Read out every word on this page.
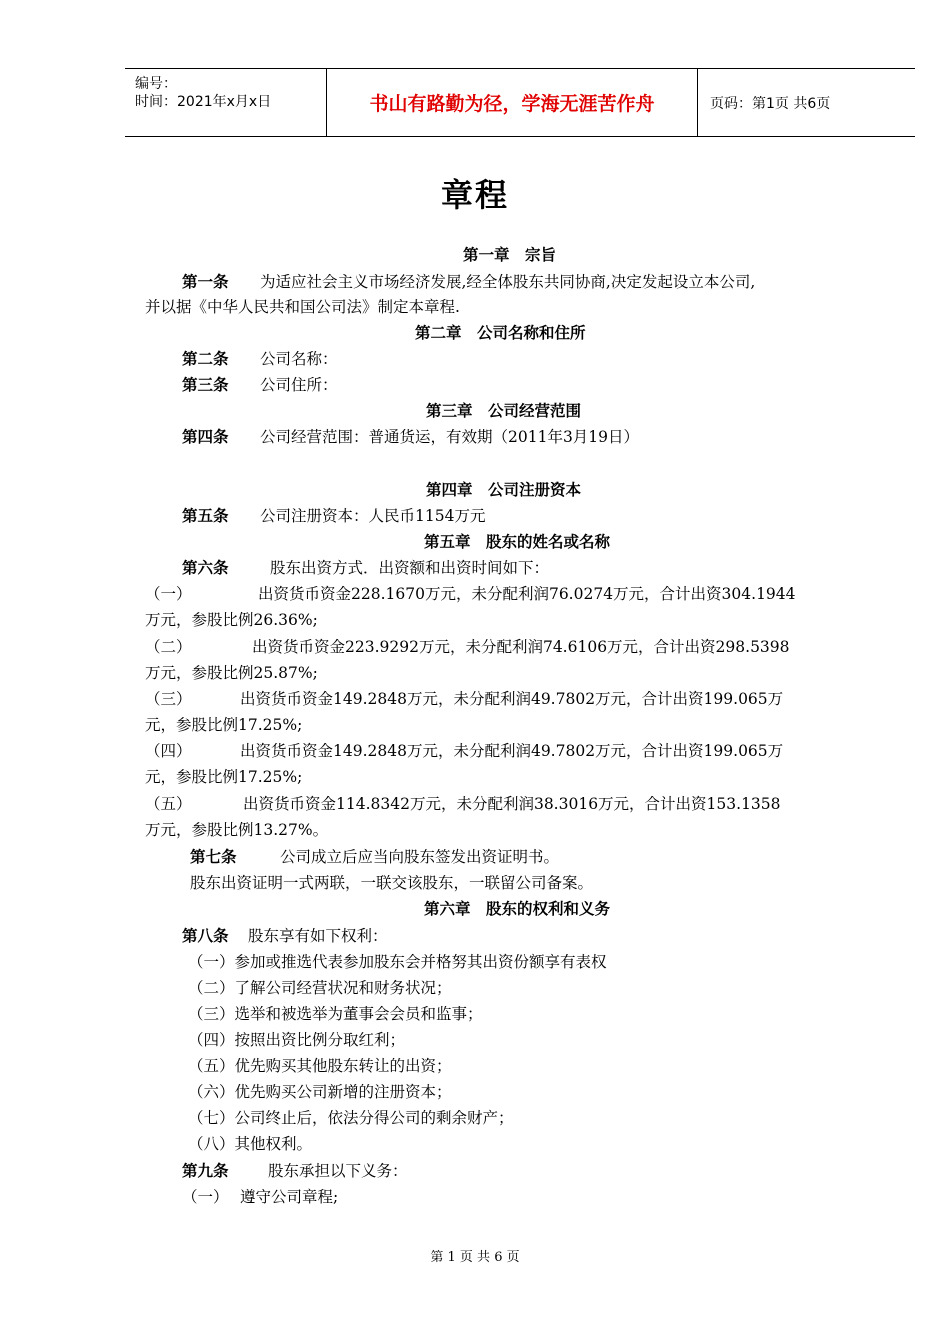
编号：
时间：2021年x月x日	书山有路勤为径，学海无涯苦作舟	页码：第1页 共6页
章程
第一章　宗旨
第一条 为适应社会主义市场经济发展,经全体股东共同协商,决定发起设立本公司,
并以据《中华人民共和国公司法》制定本章程.
第二章　公司名称和住所
第二条 公司名称：
第三条 公司住所：
第三章　公司经营范围
第四条 公司经营范围：普通货运，有效期（2011年3月19日）
第四章　公司注册资本
第五条 公司注册资本：人民币1154万元
第五章　股东的姓名或名称
第六条	股东出资方式．出资额和出资时间如下：
（一）	出资货币资金228.1670万元，未分配利润76.0274万元，合计出资304.1944
万元，参股比例26.36%;
（二）	出资货币资金223.9292万元，未分配利润74.6106万元，合计出资298.5398
万元，参股比例25.87%;
（三）	出资货币资金149.2848万元，未分配利润49.7802万元，合计出资199.065万
元，参股比例17.25%;
（四）	出资货币资金149.2848万元，未分配利润49.7802万元，合计出资199.065万
元，参股比例17.25%;
（五）	出资货币资金114.8342万元，未分配利润38.3016万元，合计出资153.1358
万元，参股比例13.27%。
第七条	公司成立后应当向股东签发出资证明书。
股东出资证明一式两联，一联交该股东，一联留公司备案。
第六章　股东的权利和义务
第八条 股东享有如下权利：
（一）参加或推选代表参加股东会并格努其出资份额享有表权
（二）了解公司经营状况和财务状况；
（三）选举和被选举为董事会会员和监事；
（四）按照出资比例分取红利；
（五）优先购买其他股东转让的出资；
（六）优先购买公司新增的注册资本；
（七）公司终止后，依法分得公司的剩余财产；
（八）其他权利。
第九条	股东承担以下义务：
（一） 遵守公司章程;
第 1 页 共 6 页
